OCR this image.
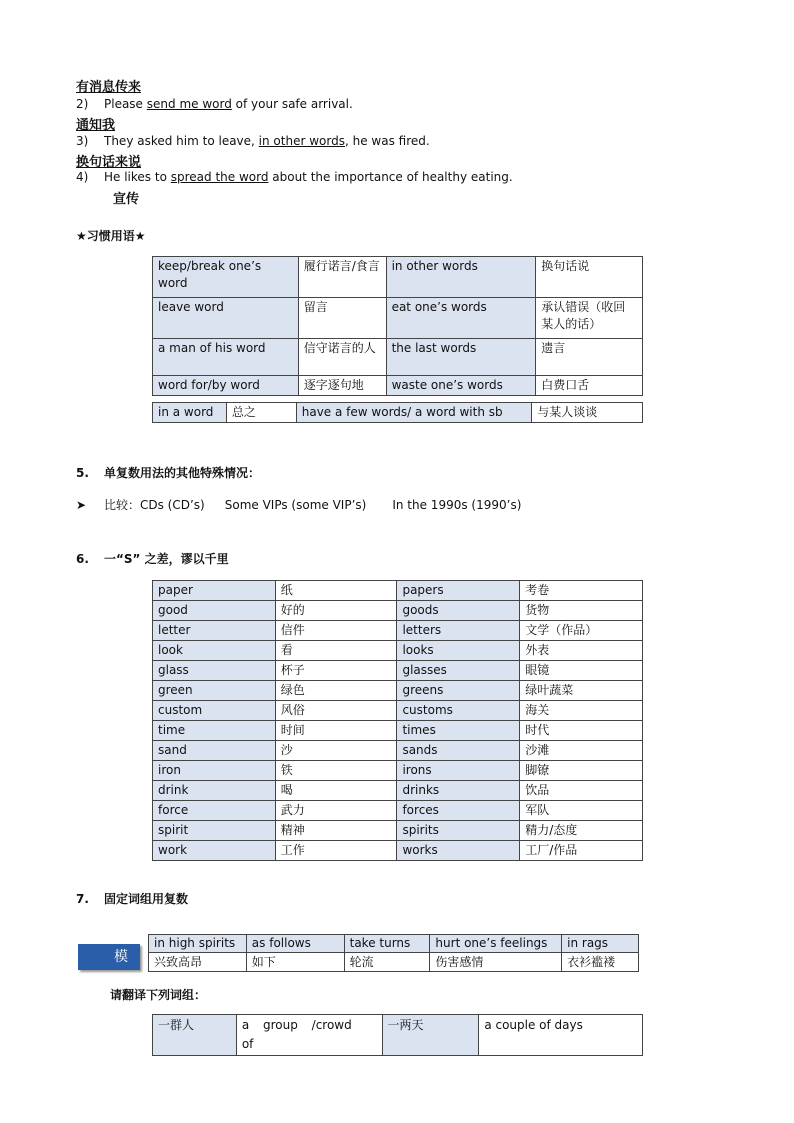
有消息传来
2) Please send me word of your safe arrival.
通知我
3) They asked him to leave, in other words, he was fired.
换句话来说
4) He likes to spread the word about the importance of healthy eating.
宣传
★习惯用语★
keep/break one’s word	履行诺言/食言	in other words	换句话说
leave word	留言	eat one’s words	承认错误（收回某人的话）
a man of his word	信守诺言的人	the last words	遗言
word for/by word	逐字逐句地	waste one’s words	白费口舌
in a word	总之	have a few words/ a word with sb	与某人谈谈
5. 单复数用法的其他特殊情况：
➤ 比较：CDs (CD’s) Some VIPs (some VIP’s) In the 1990s (1990’s)
6. 一“S” 之差，谬以千里
paper	纸	papers	考卷
good	好的	goods	货物
letter	信件	letters	文学（作品）
look	看	looks	外表
glass	杯子	glasses	眼镜
green	绿色	greens	绿叶蔬菜
custom	风俗	customs	海关
time	时间	times	时代
sand	沙	sands	沙滩
iron	铁	irons	脚镣
drink	喝	drinks	饮品
force	武力	forces	军队
spirit	精神	spirits	精力/态度
work	工作	works	工厂/作品
7. 固定词组用复数
模
in high spirits	as follows	take turns	hurt one’s feelings	in rags
兴致高昂	如下	轮流	伤害感情	衣衫褴褛
请翻译下列词组：
一群人	a group /crowd of	一两天	a couple of days
